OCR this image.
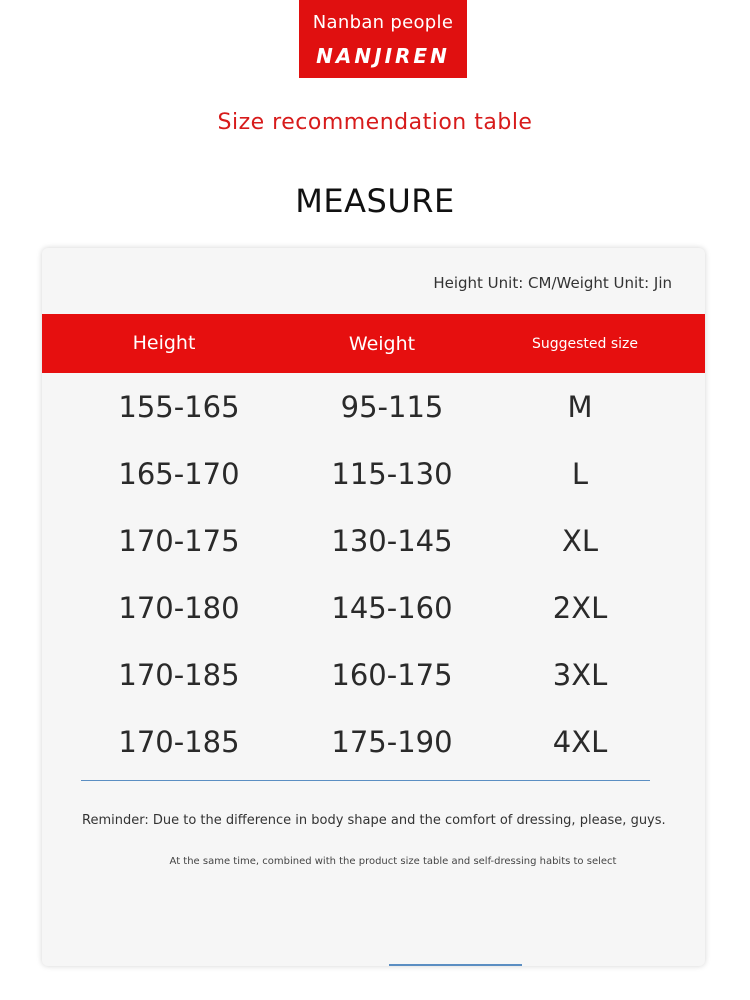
Nanban people
NANJIREN
Size recommendation table
MEASURE
Height Unit: CM/Weight Unit: Jin
Height	Weight	Suggested size
155-165	95-115	M
165-170	115-130	L
170-175	130-145	XL
170-180	145-160	2XL
170-185	160-175	3XL
170-185	175-190	4XL
Reminder: Due to the difference in body shape and the comfort of dressing, please, guys.
At the same time, combined with the product size table and self-dressing habits to select
